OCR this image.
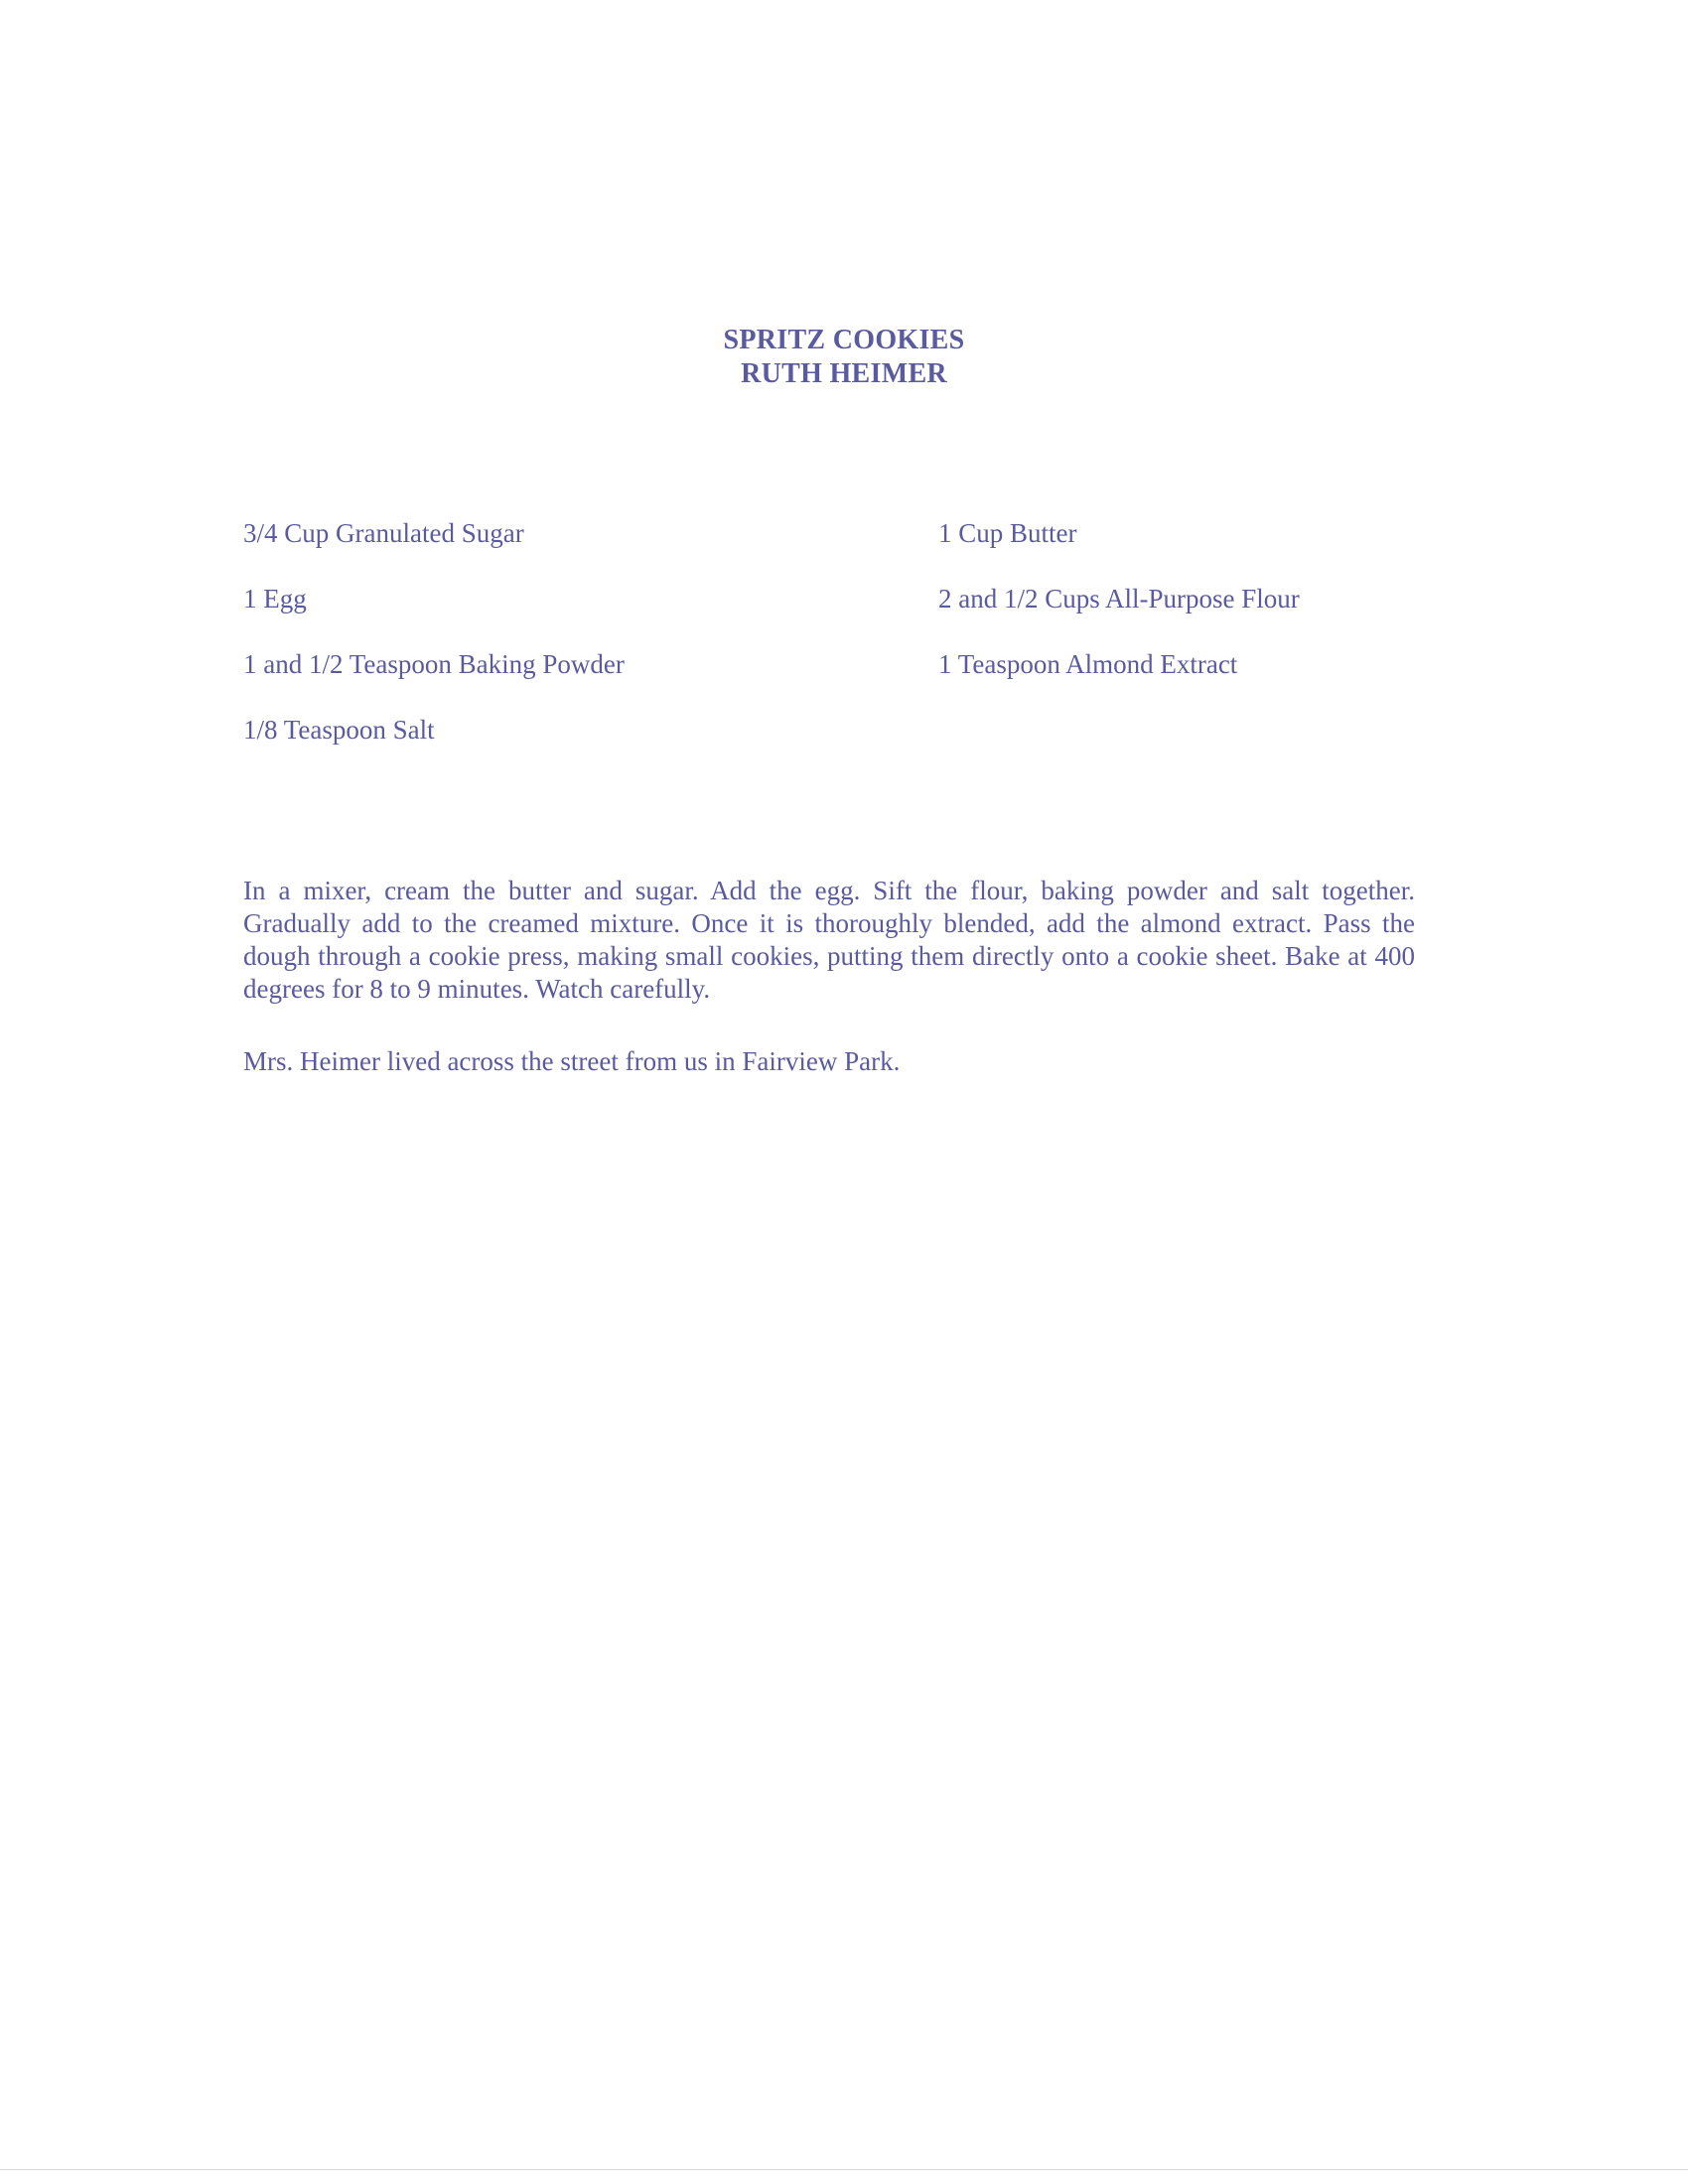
SPRITZ COOKIES
RUTH HEIMER
3/4 Cup Granulated Sugar
1 Egg
1 and 1/2 Teaspoon Baking Powder
1/8 Teaspoon Salt
1 Cup Butter
2 and 1/2 Cups All-Purpose Flour
1 Teaspoon Almond Extract

In a mixer, cream the butter and sugar. Add the egg. Sift the flour, baking powder and salt together. Gradually add to the creamed mixture. Once it is thoroughly blended, add the almond extract. Pass the dough through a cookie press, making small cookies, putting them directly onto a cookie sheet. Bake at 400 degrees for 8 to 9 minutes. Watch carefully.

Mrs. Heimer lived across the street from us in Fairview Park.
